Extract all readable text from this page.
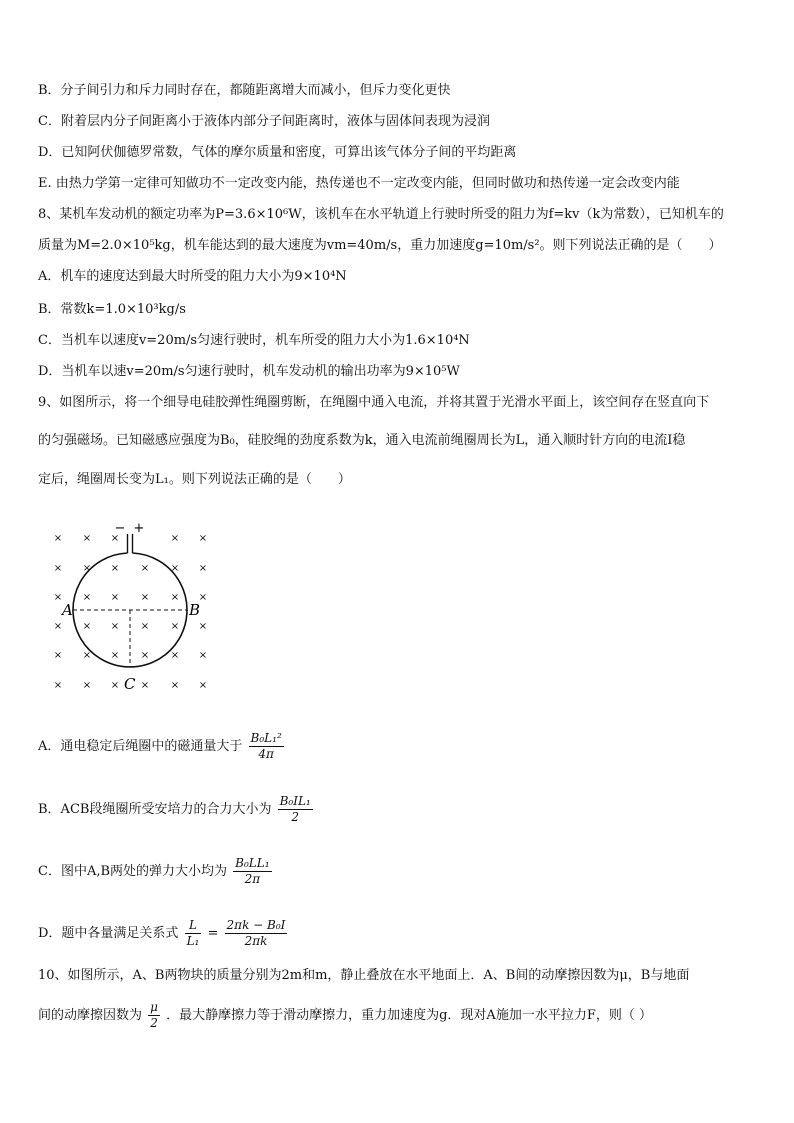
B．分子间引力和斥力同时存在，都随距离增大而减小，但斥力变化更快
C．附着层内分子间距离小于液体内部分子间距离时，液体与固体间表现为浸润
D．已知阿伏伽德罗常数，气体的摩尔质量和密度，可算出该气体分子间的平均距离
E. 由热力学第一定律可知做功不一定改变内能，热传递也不一定改变内能，但同时做功和热传递一定会改变内能
8、某机车发动机的额定功率为P=3.6×10⁶W，该机车在水平轨道上行驶时所受的阻力为f=kv（k为常数），已知机车的
质量为M=2.0×10⁵kg，机车能达到的最大速度为vm=40m/s，重力加速度g=10m/s²。则下列说法正确的是（　　）
A．机车的速度达到最大时所受的阻力大小为9×10⁴N
B．常数k=1.0×10³kg/s
C．当机车以速度v=20m/s匀速行驶时，机车所受的阻力大小为1.6×10⁴N
D．当机车以速v=20m/s匀速行驶时，机车发动机的输出功率为9×10⁵W
9、如图所示，将一个细导电硅胶弹性绳圈剪断，在绳圈中通入电流，并将其置于光滑水平面上，该空间存在竖直向下
的匀强磁场。已知磁感应强度为B₀，硅胶绳的劲度系数为k，通入电流前绳圈周长为L，通入顺时针方向的电流I稳
定后，绳圈周长变为L₁。则下列说法正确的是（　　）
× × ×	× ×
× × × × × ×
× × × × × ×
× × × × × ×
× × × × × ×
× × × × × ×
− +
A	B
C
A．通电稳定后绳圈中的磁通量大于 $\frac{\text{B₀L₁²}}{4\pi}$
B．ACB段绳圈所受安培力的合力大小为 $\frac{\text{B₀IL₁}}{2}$
C．图中A,B两处的弹力大小均为 $\frac{\text{B₀LL₁}}{2\pi}$
D．题中各量满足关系式 $\frac{L}{\text{L₁}} = \frac{\text{2πk − B₀I}}{2\pi k}$
10、如图所示，A、B两物块的质量分别为2m和m，静止叠放在水平地面上．A、B间的动摩擦因数为μ，B与地面
间的动摩擦因数为 $\frac{\mu}{2}$ ．最大静摩擦力等于滑动摩擦力，重力加速度为g．现对A施加一水平拉力F，则（ ）
